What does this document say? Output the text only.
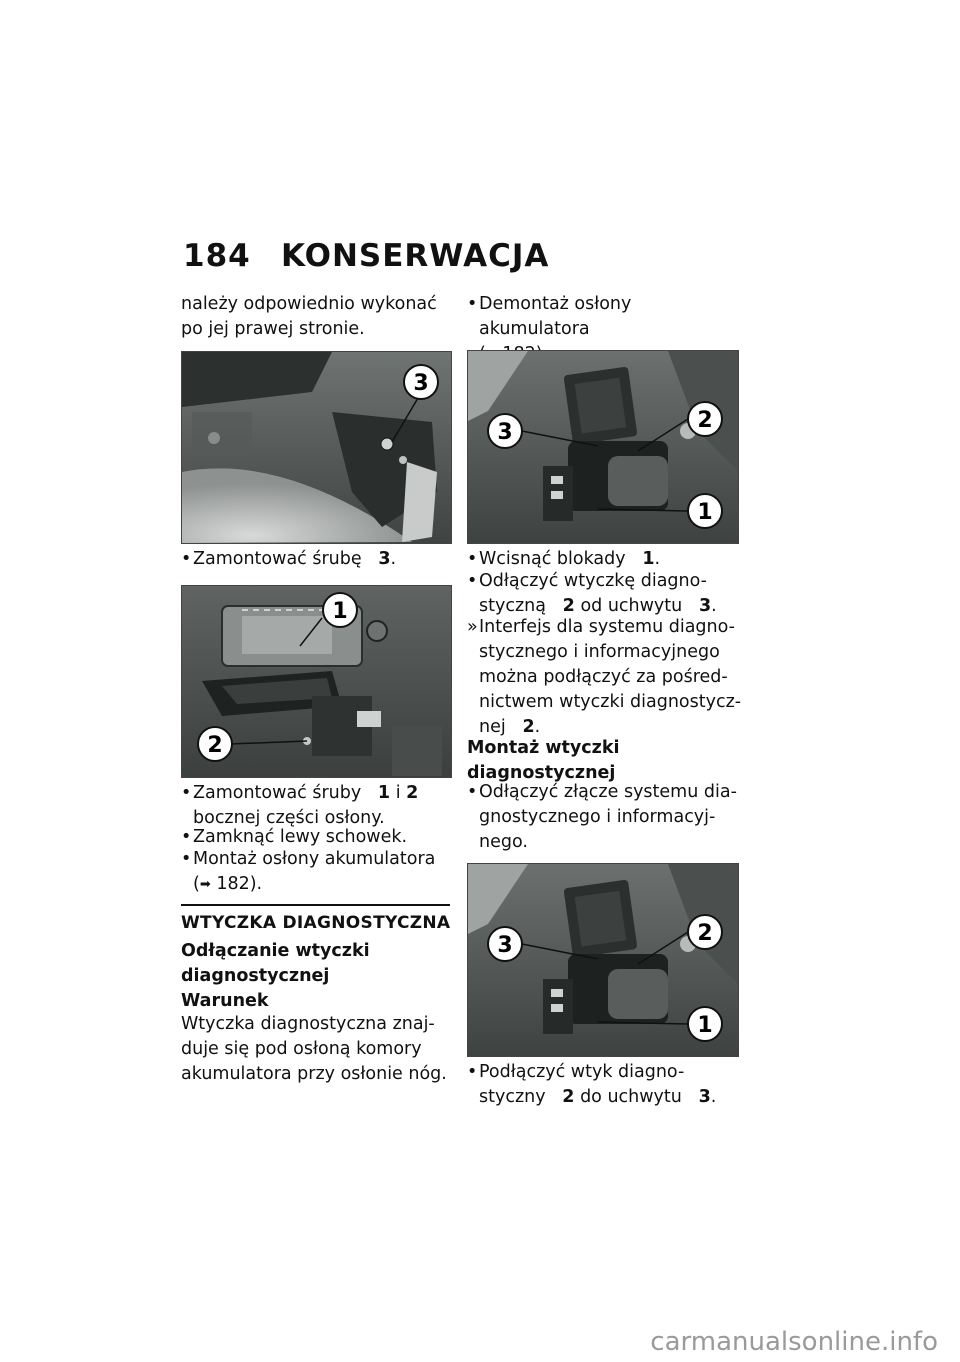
184 KONSERWACJA
należy odpowiednio wykonać
po jej prawej stronie.
3
• Zamontować śrubę 3.
1
2
• Zamontować śruby 1 i 2
bocznej części osłony.
• Zamknąć lewy schowek.
• Montaż osłony akumulatora
(➡ 182).
WTYCZKA DIAGNOSTYCZNA
Odłączanie wtyczki
diagnostycznej
Warunek
Wtyczka diagnostyczna znaj-
duje się pod osłoną komory
akumulatora przy osłonie nóg.
• Demontaż osłony akumulatora

3	2
1
• Wcisnąć blokady 1.
• Odłączyć wtyczkę diagno-
styczną 2 od uchwytu 3.
» Interfejs dla systemu diagno-
stycznego i informacyjnego
można podłączyć za pośred-
nictwem wtyczki diagnostycz-
nej 2.
Montaż wtyczki
diagnostycznej
• Odłączyć złącze systemu dia-
gnostycznego i informacyj-
nego.
3	2
1
• Podłączyć wtyk diagno-
styczny 2 do uchwytu 3.
carmanualsonline.info
